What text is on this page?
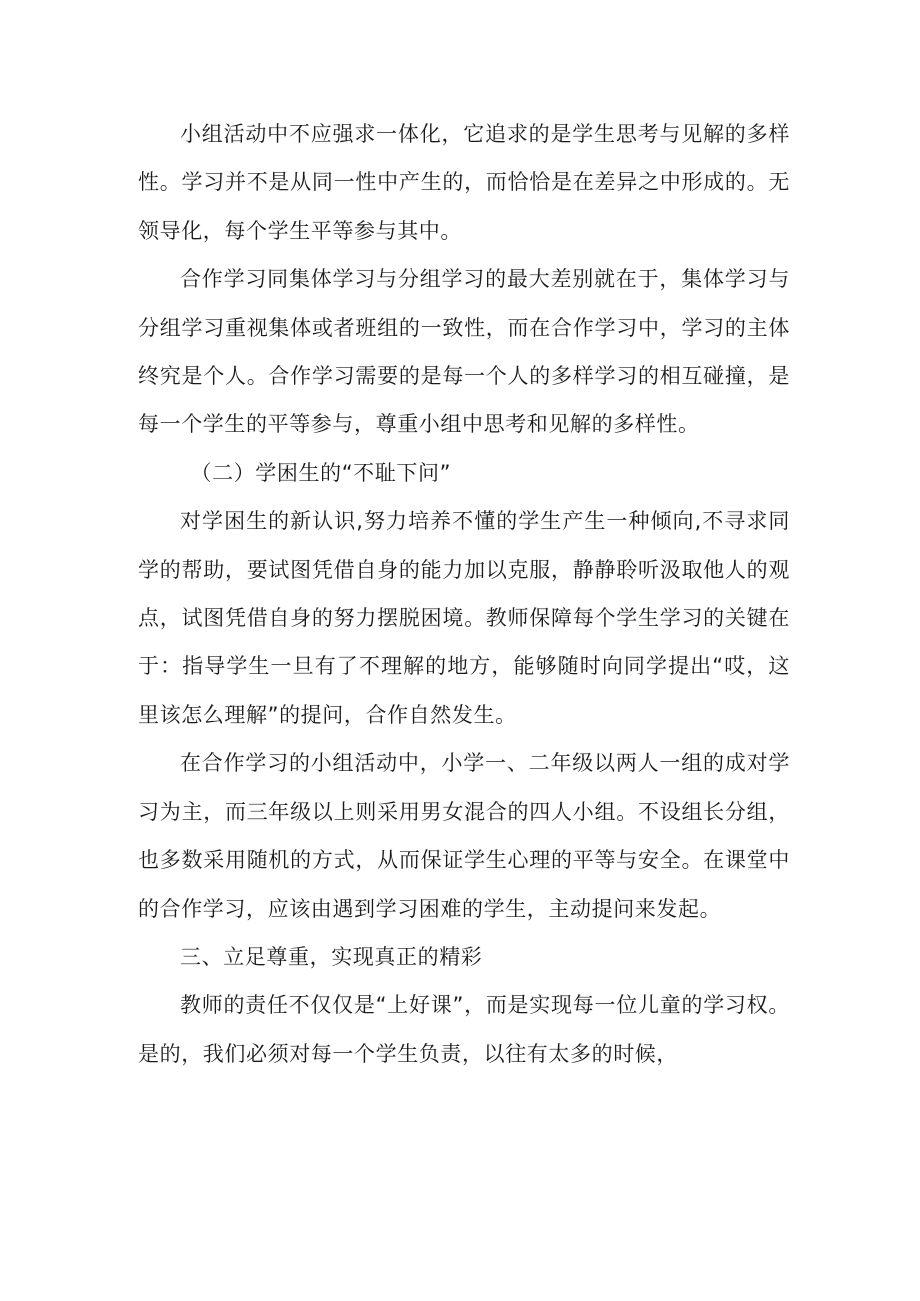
小组活动中不应强求一体化，它追求的是学生思考与见解的多样性。学习并不是从同一性中产生的，而恰恰是在差异之中形成的。无领导化，每个学生平等参与其中。

合作学习同集体学习与分组学习的最大差别就在于，集体学习与分组学习重视集体或者班组的一致性，而在合作学习中，学习的主体终究是个人。合作学习需要的是每一个人的多样学习的相互碰撞，是每一个学生的平等参与，尊重小组中思考和见解的多样性。

（二）学困生的“不耻下问”

对学困生的新认识,努力培养不懂的学生产生一种倾向,不寻求同学的帮助，要试图凭借自身的能力加以克服，静静聆听汲取他人的观点，试图凭借自身的努力摆脱困境。教师保障每个学生学习的关键在于：指导学生一旦有了不理解的地方，能够随时向同学提出“哎，这里该怎么理解”的提问，合作自然发生。

在合作学习的小组活动中，小学一、二年级以两人一组的成对学习为主，而三年级以上则采用男女混合的四人小组。不设组长分组，也多数采用随机的方式，从而保证学生心理的平等与安全。在课堂中的合作学习，应该由遇到学习困难的学生，主动提问来发起。

三、立足尊重，实现真正的精彩

教师的责任不仅仅是“上好课”，而是实现每一位儿童的学习权。是的，我们必须对每一个学生负责，以往有太多的时候，
